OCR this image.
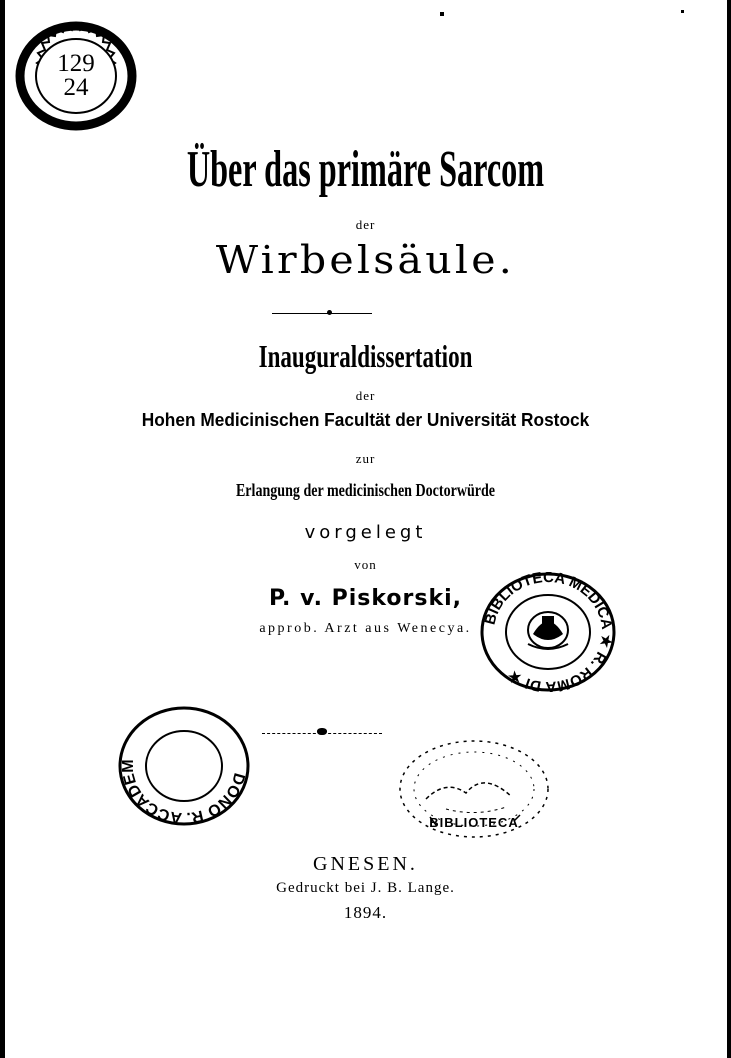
129
24
Über das primäre Sarcom
der
Wirbelsäule.
Inauguraldissertation
der
Hohen Medicinischen Facultät der Universität Rostock
zur
Erlangung der medicinischen Doctorwürde
vorgelegt
von
P. v. Piskorski,
approb. Arzt aus Wenecya.
BIBLIOTECA MEDICA ★ R. ROMA DI ★
DONO R. ACCADEM
BIBLIOTECA
GNESEN.
Gedruckt bei J. B. Lange.
1894.
